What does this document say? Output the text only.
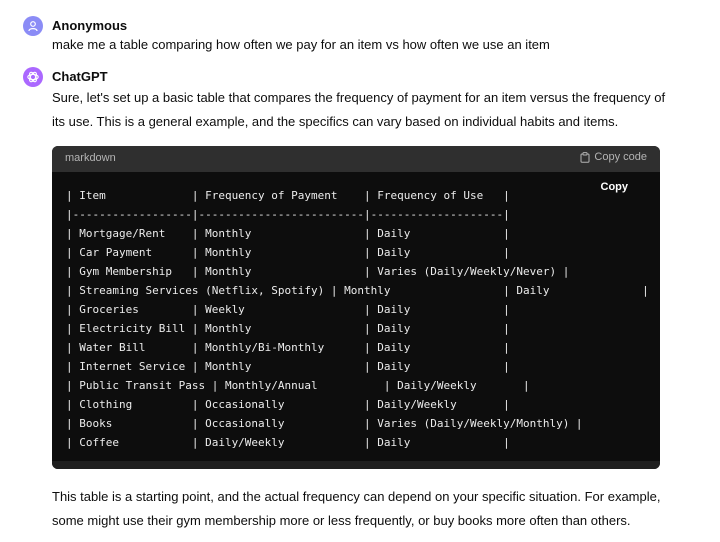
Anonymous
make me a table comparing how often we pay for an item vs how often we use an item
ChatGPT
Sure, let's set up a basic table that compares the frequency of payment for an item versus the frequency of its use. This is a general example, and the specifics can vary based on individual habits and items.
markdown	Copy code
Copy
| Item             | Frequency of Payment    | Frequency of Use   |
|------------------|-------------------------|--------------------|
| Mortgage/Rent    | Monthly                 | Daily              |
| Car Payment      | Monthly                 | Daily              |
| Gym Membership   | Monthly                 | Varies (Daily/Weekly/Never) |
| Streaming Services (Netflix, Spotify) | Monthly                 | Daily              |
| Groceries        | Weekly                  | Daily              |
| Electricity Bill | Monthly                 | Daily              |
| Water Bill       | Monthly/Bi-Monthly      | Daily              |
| Internet Service | Monthly                 | Daily              |
| Public Transit Pass | Monthly/Annual          | Daily/Weekly       |
| Clothing         | Occasionally            | Daily/Weekly       |
| Books            | Occasionally            | Varies (Daily/Weekly/Monthly) |
| Coffee           | Daily/Weekly            | Daily              |
This table is a starting point, and the actual frequency can depend on your specific situation. For example, some might use their gym membership more or less frequently, or buy books more often than others.
